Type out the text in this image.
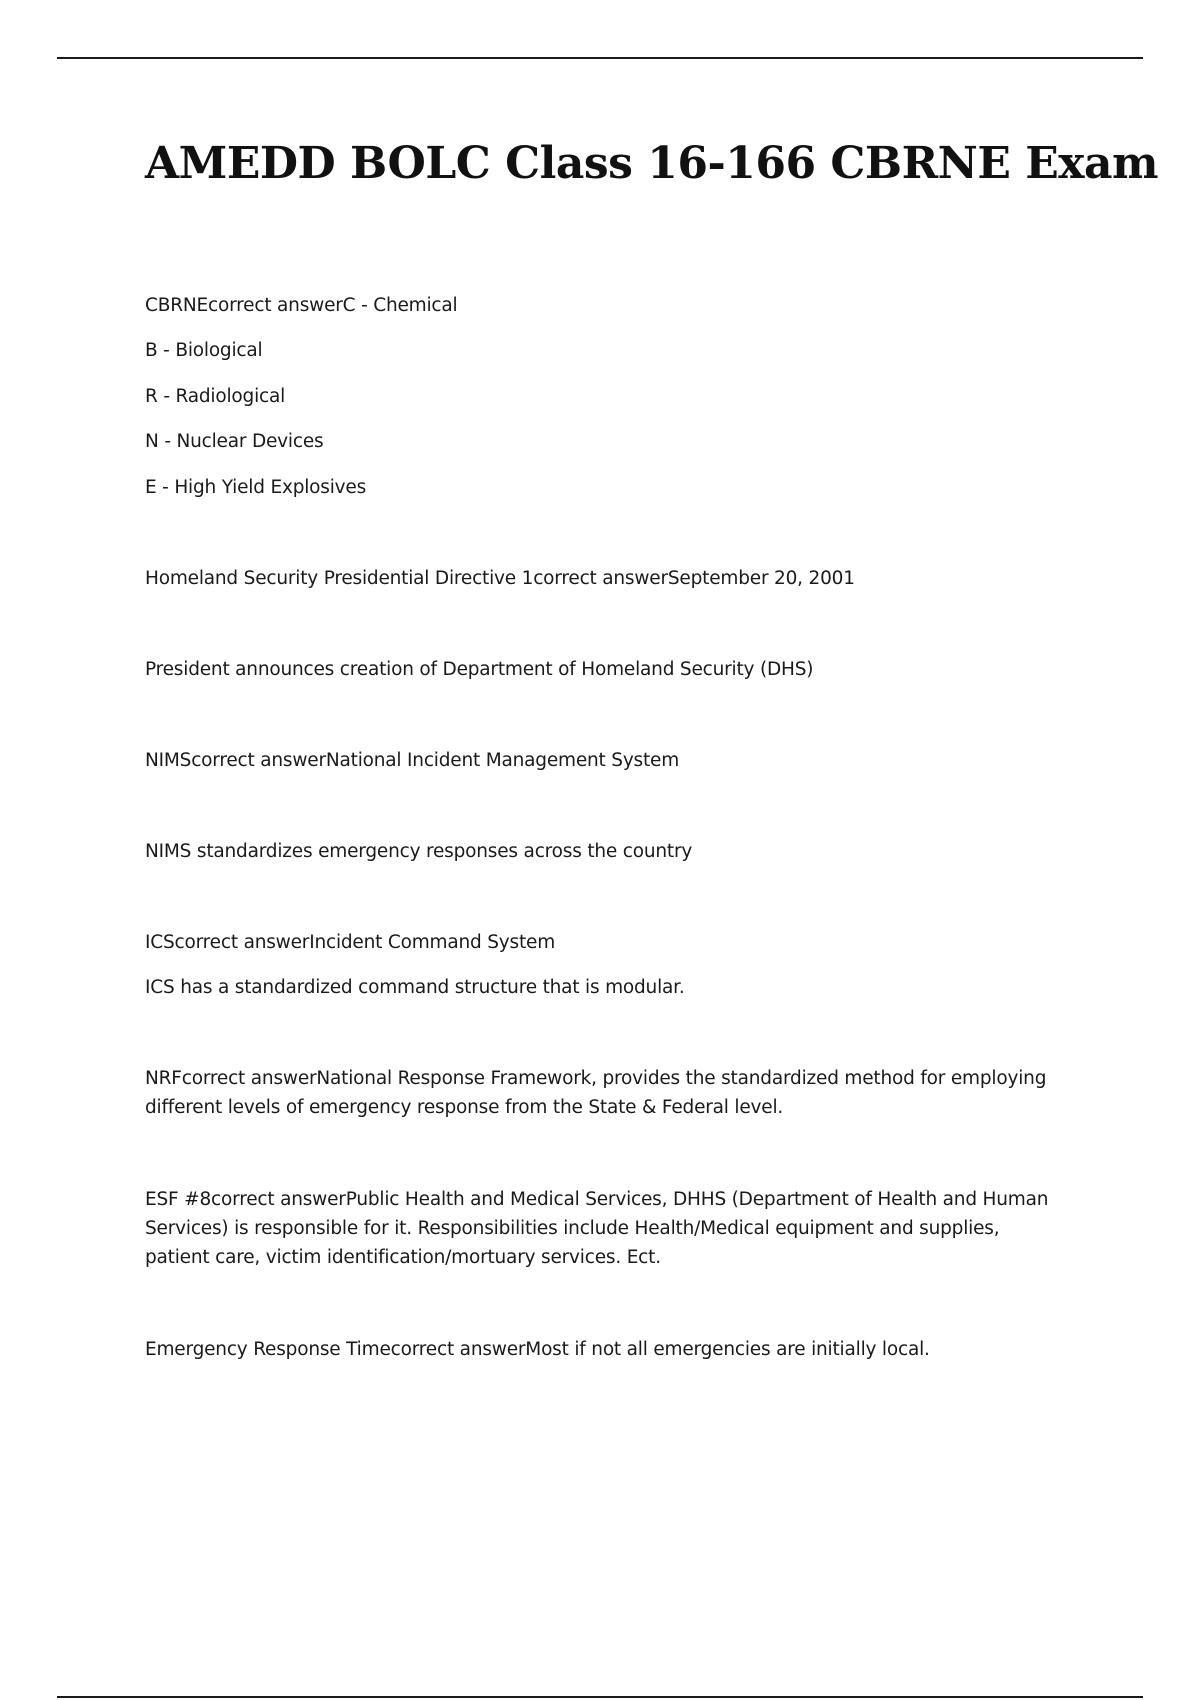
AMEDD BOLC Class 16-166 CBRNE Exam

CBRNEcorrect answerC - Chemical

B - Biological

R - Radiological

N - Nuclear Devices

E - High Yield Explosives

Homeland Security Presidential Directive 1correct answerSeptember 20, 2001

President announces creation of Department of Homeland Security (DHS)

NIMScorrect answerNational Incident Management System

NIMS standardizes emergency responses across the country

ICScorrect answerIncident Command System

ICS has a standardized command structure that is modular.

NRFcorrect answerNational Response Framework, provides the standardized method for employing different levels of emergency response from the State & Federal level.

ESF #8correct answerPublic Health and Medical Services, DHHS (Department of Health and Human Services) is responsible for it. Responsibilities include Health/Medical equipment and supplies, patient care, victim identification/mortuary services. Ect.

Emergency Response Timecorrect answerMost if not all emergencies are initially local.
